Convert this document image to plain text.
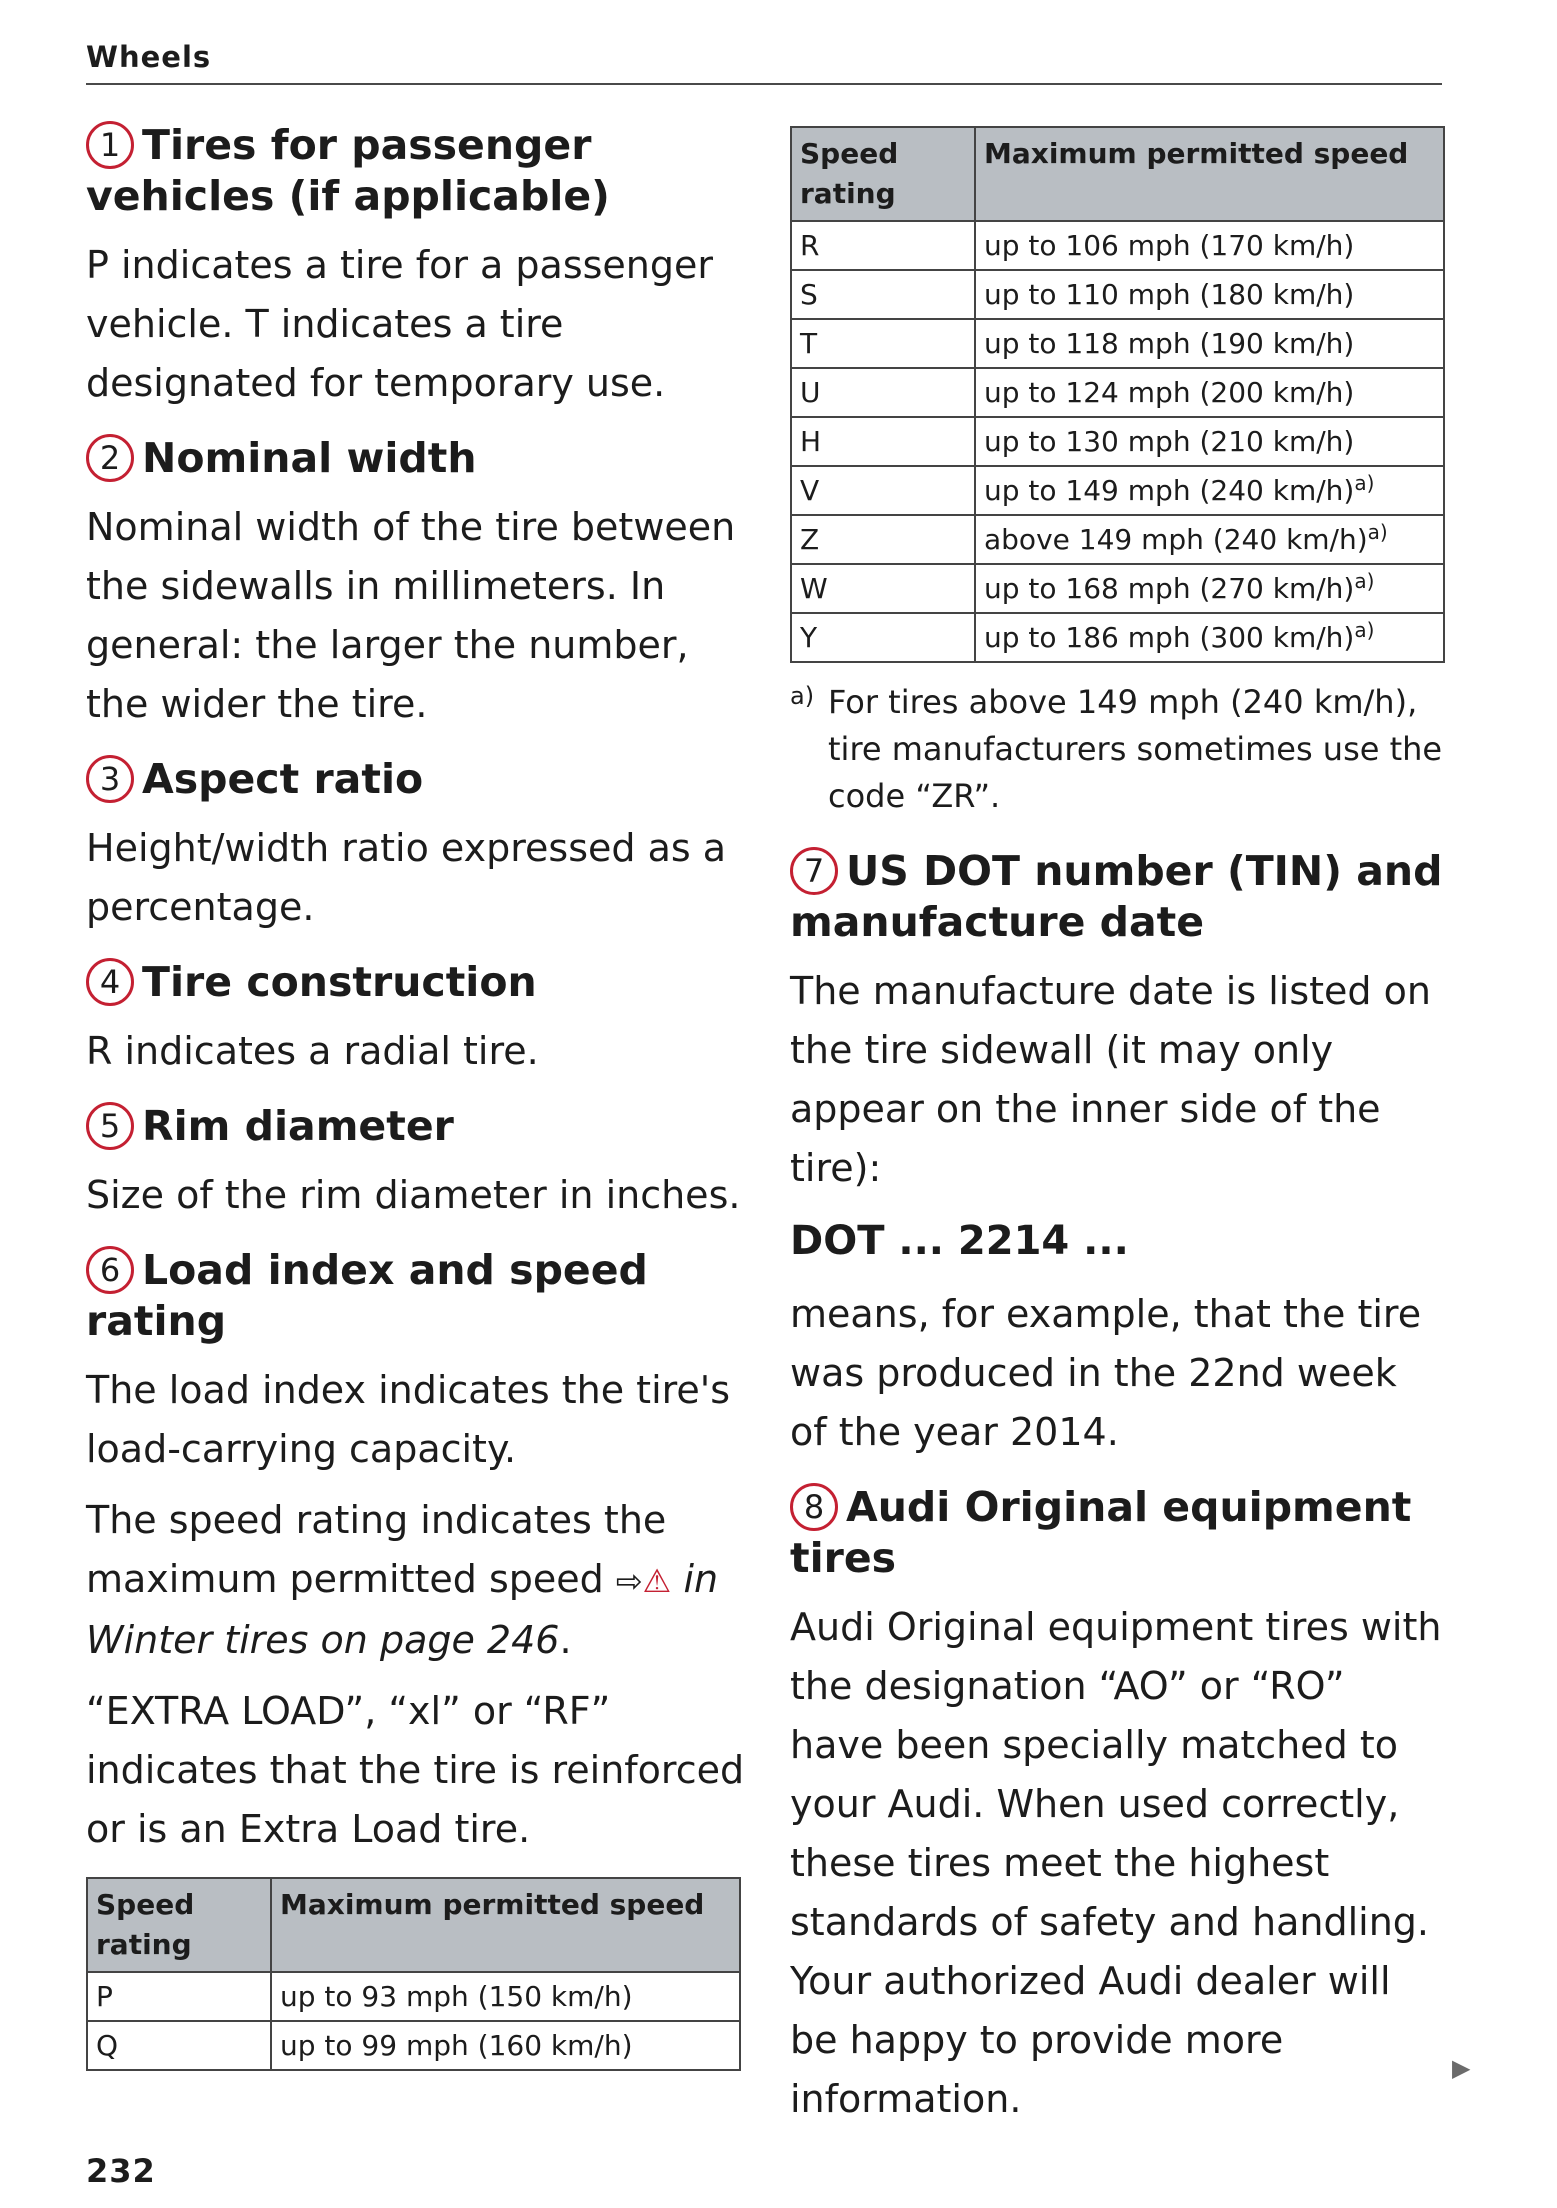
Wheels
1 Tires for passenger vehicles (if applicable)

P indicates a tire for a passenger vehicle. T indicates a tire designated for temporary use.

2 Nominal width

Nominal width of the tire between the sidewalls in millimeters. In general: the larger the number, the wider the tire.

3 Aspect ratio

Height/width ratio expressed as a percentage.

4 Tire construction

R indicates a radial tire.

5 Rim diameter

Size of the rim diameter in inches.

6 Load index and speed rating

The load index indicates the tire's load-carrying capacity.

The speed rating indicates the maximum permitted speed ⇨⚠ in Winter tires on page 246.

“EXTRA LOAD”, “xl” or “RF” indicates that the tire is reinforced or is an Extra Load tire.

Speed rating	Maximum permitted speed
P	up to 93 mph (150 km/h)
Q	up to 99 mph (160 km/h)
Speed rating	Maximum permitted speed
R	up to 106 mph (170 km/h)
S	up to 110 mph (180 km/h)
T	up to 118 mph (190 km/h)
U	up to 124 mph (200 km/h)
H	up to 130 mph (210 km/h)
V	up to 149 mph (240 km/h)$^{a)}$
Z	above 149 mph (240 km/h)$^{a)}$
W	up to 168 mph (270 km/h)$^{a)}$
Y	up to 186 mph (300 km/h)$^{a)}$
a) For tires above 149 mph (240 km/h), tire manufacturers sometimes use the code “ZR”.
7 US DOT number (TIN) and manufacture date

The manufacture date is listed on the tire sidewall (it may only appear on the inner side of the tire):

DOT ... 2214 ...

means, for example, that the tire was produced in the 22nd week of the year 2014.

8 Audi Original equipment tires

Audi Original equipment tires with the designation “AO” or “RO” have been specially matched to your Audi. When used correctly, these tires meet the highest standards of safety and handling. Your authorized Audi dealer will be happy to provide more information.

▶
232
